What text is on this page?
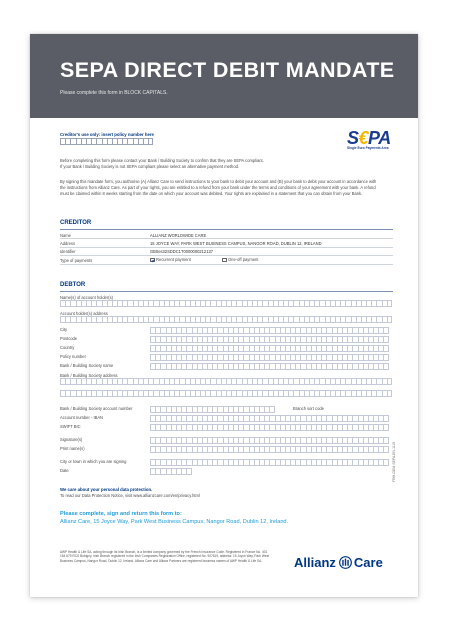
SEPA DIRECT DEBIT MANDATE
Please complete this form in BLOCK CAPITALS.
Creditor's use only: insert policy number here	S€PA
Single Euro Payments Area
Before completing this form please contact your Bank / Building Society to confirm that they are SEPA compliant.
If your Bank / Building Society is not SEPA compliant please select an alternative payment method.
By signing this mandate form, you authorise (A) Allianz Care to send instructions to your bank to debit your account and (B) your bank to debit your account in accordance with the instructions from Allianz Care. As part of your rights, you are entitled to a refund from your bank under the terms and conditions of your agreement with your bank. A refund must be claimed within 8 weeks starting from the date on which your account was debited. Your rights are explained in a statement that you can obtain from your Bank.
CREDITOR
Name	ALLIANZ WORLDWIDE CARE
Address	15 JOYCE WAY, PARK WEST BUSINESS CAMPUS, NANGOR ROAD, DUBLIN 12, IRELAND
Identifier	GB0es32SDDC1T0000000212137
Type of payments	Recurrent payment	One-off payment
DEBTOR
Name(s) of account holder(s)
Account holder(s) address
City
Postcode
Country
Policy number
Bank / Building Society name
Bank / Building Society address
Bank / Building Society account number	Branch sort code
Account number - IBAN
SWIFT BIC
Signature(s)
Print name(s)
City or town in which you are signing
Date
We care about your personal data protection.
To read our Data Protection Notice, visit www.allianzcare.com/en/privacy.html
Please complete, sign and return this form to:
Allianz Care, 15 Joyce Way, Park West Business Campus, Nangor Road, Dublin 12, Ireland.
AWP Health & Life SA, acting through its Irish Branch, is a limited company governed by the French Insurance Code. Registered in France No. 401 154 679 RCS Bobigny. Irish Branch registered in the Irish Companies Registration Office, registered No. 907619, address: 15 Joyce Way, Park West Business Campus, Nangor Road, Dublin 12, Ireland. Allianz Care and Allianz Partners are registered business names of AWP Health & Life SA.	Allianz Care
FRM-DDM-SEPA-EN-1119
